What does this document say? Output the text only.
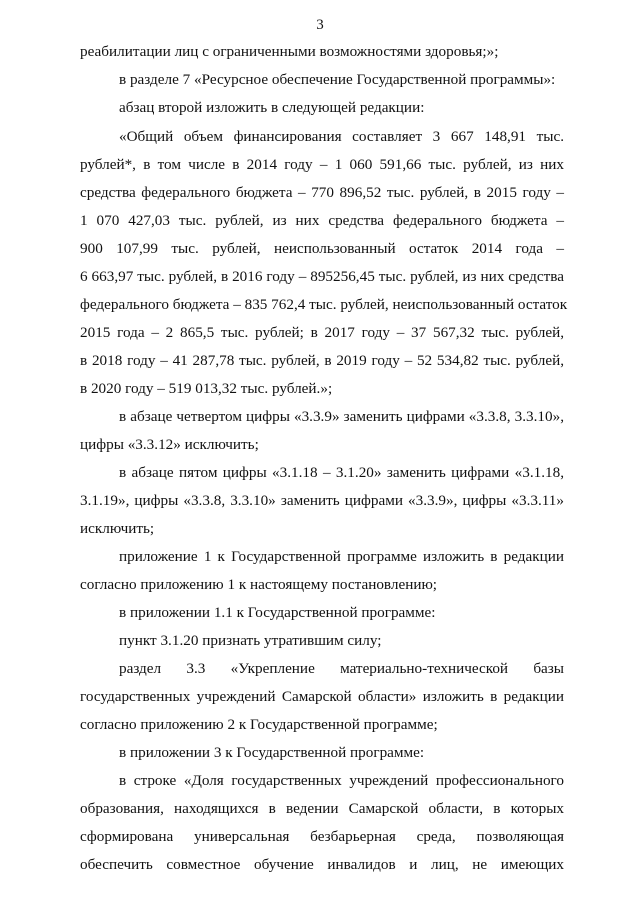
3
реабилитации лиц с ограниченными возможностями здоровья;»;
в разделе 7 «Ресурсное обеспечение Государственной программы»:
абзац второй изложить в следующей редакции:
«Общий объем финансирования составляет 3 667 148,91 тыс.
рублей*, в том числе в 2014 году – 1 060 591,66 тыс. рублей, из них
средства федерального бюджета – 770 896,52 тыс. рублей, в 2015 году –
1 070 427,03 тыс. рублей, из них средства федерального бюджета –
900 107,99 тыс. рублей, неиспользованный остаток 2014 года –
6 663,97 тыс. рублей, в 2016 году – 895256,45 тыс. рублей, из них средства
федерального бюджета – 835 762,4 тыс. рублей, неиспользованный остаток
2015 года – 2 865,5 тыс. рублей; в 2017 году – 37 567,32 тыс. рублей,
в 2018 году – 41 287,78 тыс. рублей, в 2019 году – 52 534,82 тыс. рублей,
в 2020 году – 519 013,32 тыс. рублей.»;
в абзаце четвертом цифры «3.3.9» заменить цифрами «3.3.8, 3.3.10»,
цифры «3.3.12» исключить;
в абзаце пятом цифры «3.1.18 – 3.1.20» заменить цифрами «3.1.18,
3.1.19», цифры «3.3.8, 3.3.10» заменить цифрами «3.3.9», цифры «3.3.11»
исключить;
приложение 1 к Государственной программе изложить в редакции
согласно приложению 1 к настоящему постановлению;
в приложении 1.1 к Государственной программе:
пункт 3.1.20 признать утратившим силу;
раздел 3.3 «Укрепление материально-технической базы
государственных учреждений Самарской области» изложить в редакции
согласно приложению 2 к Государственной программе;
в приложении 3 к Государственной программе:
в строке «Доля государственных учреждений профессионального
образования, находящихся в ведении Самарской области, в которых
сформирована универсальная безбарьерная среда, позволяющая
обеспечить совместное обучение инвалидов и лиц, не имеющих
